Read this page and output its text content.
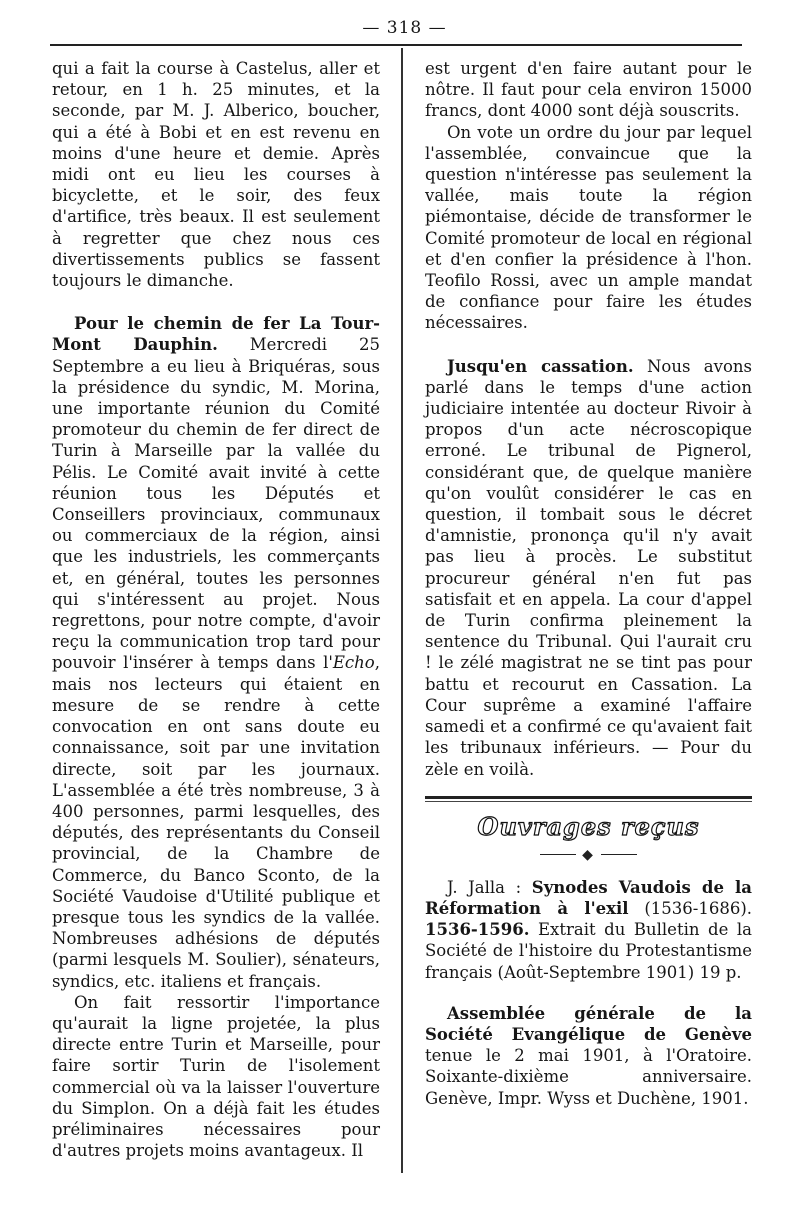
— 318 —

qui a fait la course à Castelus, aller et retour, en 1 h. 25 minutes, et la seconde, par M. J. Alberico, boucher, qui a été à Bobi et en est revenu en moins d'une heure et demie. Après midi ont eu lieu les courses à bicyclette, et le soir, des feux d'artifice, très beaux. Il est seulement à regretter que chez nous ces divertissements publics se fassent toujours le dimanche.

Pour le chemin de fer La Tour-Mont Dauphin. Mercredi 25 Septembre a eu lieu à Briquéras, sous la présidence du syndic, M. Morina, une importante réunion du Comité promoteur du chemin de fer direct de Turin à Marseille par la vallée du Pélis. Le Comité avait invité à cette réunion tous les Députés et Conseillers provinciaux, communaux ou commerciaux de la région, ainsi que les industriels, les commerçants et, en général, toutes les personnes qui s'intéressent au projet. Nous regrettons, pour notre compte, d'avoir reçu la communication trop tard pour pouvoir l'insérer à temps dans l'Echo, mais nos lecteurs qui étaient en mesure de se rendre à cette convocation en ont sans doute eu connaissance, soit par une invitation directe, soit par les journaux. L'assemblée a été très nombreuse, 3 à 400 personnes, parmi lesquelles, des députés, des représentants du Conseil provincial, de la Chambre de Commerce, du Banco Sconto, de la Société Vaudoise d'Utilité publique et presque tous les syndics de la vallée. Nombreuses adhésions de députés (parmi lesquels M. Soulier), sénateurs, syndics, etc. italiens et français.

On fait ressortir l'importance qu'aurait la ligne projetée, la plus directe entre Turin et Marseille, pour faire sortir Turin de l'isolement commercial où va la laisser l'ouverture du Simplon. On a déjà fait les études préliminaires nécessaires pour d'autres projets moins avantageux. Il

est urgent d'en faire autant pour le nôtre. Il faut pour cela environ 15000 francs, dont 4000 sont déjà souscrits.

On vote un ordre du jour par lequel l'assemblée, convaincue que la question n'intéresse pas seulement la vallée, mais toute la région piémontaise, décide de transformer le Comité promoteur de local en régional et d'en confier la présidence à l'hon. Teofilo Rossi, avec un ample mandat de confiance pour faire les études nécessaires.

Jusqu'en cassation. Nous avons parlé dans le temps d'une action judiciaire intentée au docteur Rivoir à propos d'un acte nécroscopique erroné. Le tribunal de Pignerol, considérant que, de quelque manière qu'on voulût considérer le cas en question, il tombait sous le décret d'amnistie, prononça qu'il n'y avait pas lieu à procès. Le substitut procureur général n'en fut pas satisfait et en appela. La cour d'appel de Turin confirma pleinement la sentence du Tribunal. Qui l'aurait cru ! le zélé magistrat ne se tint pas pour battu et recourut en Cassation. La Cour suprême a examiné l'affaire samedi et a confirmé ce qu'avaient fait les tribunaux inférieurs. — Pour du zèle en voilà.

Ouvrages reçus
◆

J. Jalla : Synodes Vaudois de la Réformation à l'exil (1536-1686). 1536-1596. Extrait du Bulletin de la Société de l'histoire du Protestantisme français (Août-Septembre 1901) 19 p.

Assemblée générale de la Société Evangélique de Genève tenue le 2 mai 1901, à l'Oratoire. Soixante-dixième anniversaire. Genève, Impr. Wyss et Duchène, 1901.
